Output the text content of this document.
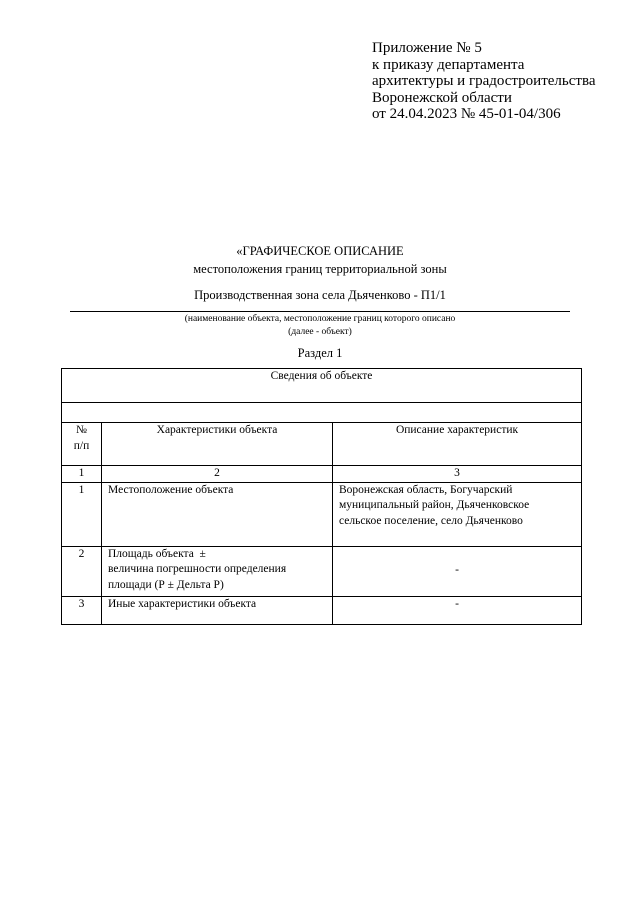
Приложение № 5
к приказу департамента
архитектуры и градостроительства
Воронежской области
от 24.04.2023 № 45-01-04/306
«ГРАФИЧЕСКОЕ ОПИСАНИЕ
местоположения границ территориальной зоны
Производственная зона села Дьяченково - П1/1
(наименование объекта, местоположение границ которого описано
(далее - объект)
Раздел 1
Сведения об объекте		

№
п/п	Характеристики объекта	Описание характеристик
1	2	3
1	Местоположение объекта	Воронежская область, Богучарский
муниципальный район, Дьяченковское
сельское поселение, село Дьяченково

2	Площадь объекта  ±
величина погрешности определения
площади (Р ± Дельта Р)	-
3	Иные характеристики объекта	-
